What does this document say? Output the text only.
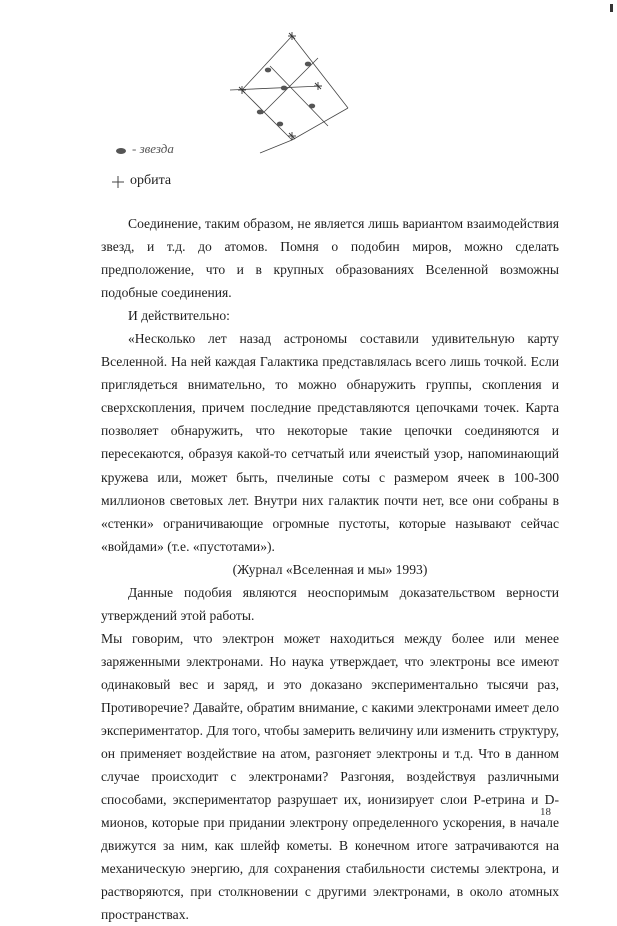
- звезда
орбита

Соединение, таким образом, не является лишь вариантом взаимодействия звезд, и т.д. до атомов. Помня о подобин миров, можно сделать предположение, что и в крупных образованиях Вселенной возможны подобные соединения.

И действительно:

«Несколько лет назад астрономы составили удивительную карту Вселенной. На ней каждая Галактика представлялась всего лишь точкой. Если приглядеться внимательно, то можно обнаружить группы, скопления и сверхскопления, причем последние представляются цепочками точек. Карта позволяет обнаружить, что некоторые такие цепочки соединяются и пересекаются, образуя какой-то сетчатый или ячеистый узор, напоминающий кружева или, может быть, пчелиные соты с размером ячеек в 100-300 миллионов световых лет. Внутри них галактик почти нет, все они собраны в «стенки» ограничивающие огромные пустоты, которые называют сейчас «войдами» (т.е. «пустотами»).

(Журнал «Вселенная и мы» 1993)

Данные подобия являются неоспоримым доказательством верности утверждений этой работы.

Мы говорим, что электрон может находиться между более или менее заряженными электронами. Но наука утверждает, что электроны все имеют одинаковый вес и заряд, и это доказано экспериментально тысячи раз, Противоречие? Давайте, обратим внимание, с какими электронами имеет дело экспериментатор. Для того, чтобы замерить величину или изменить структуру, он применяет воздействие на атом, разгоняет электроны и т.д. Что в данном случае происходит с электронами? Разгоняя, воздействуя различными способами, экспериментатор разрушает их, ионизирует слои Р-етрина и D-мионов, которые при придании электрону определенного ускорения, в начале движутся за ним, как шлейф кометы. В конечном итоге затрачиваются на механическую энергию, для сохранения стабильности системы электрона, и растворяются, при столкновении с другими электронами, в около атомных пространствах.

18
